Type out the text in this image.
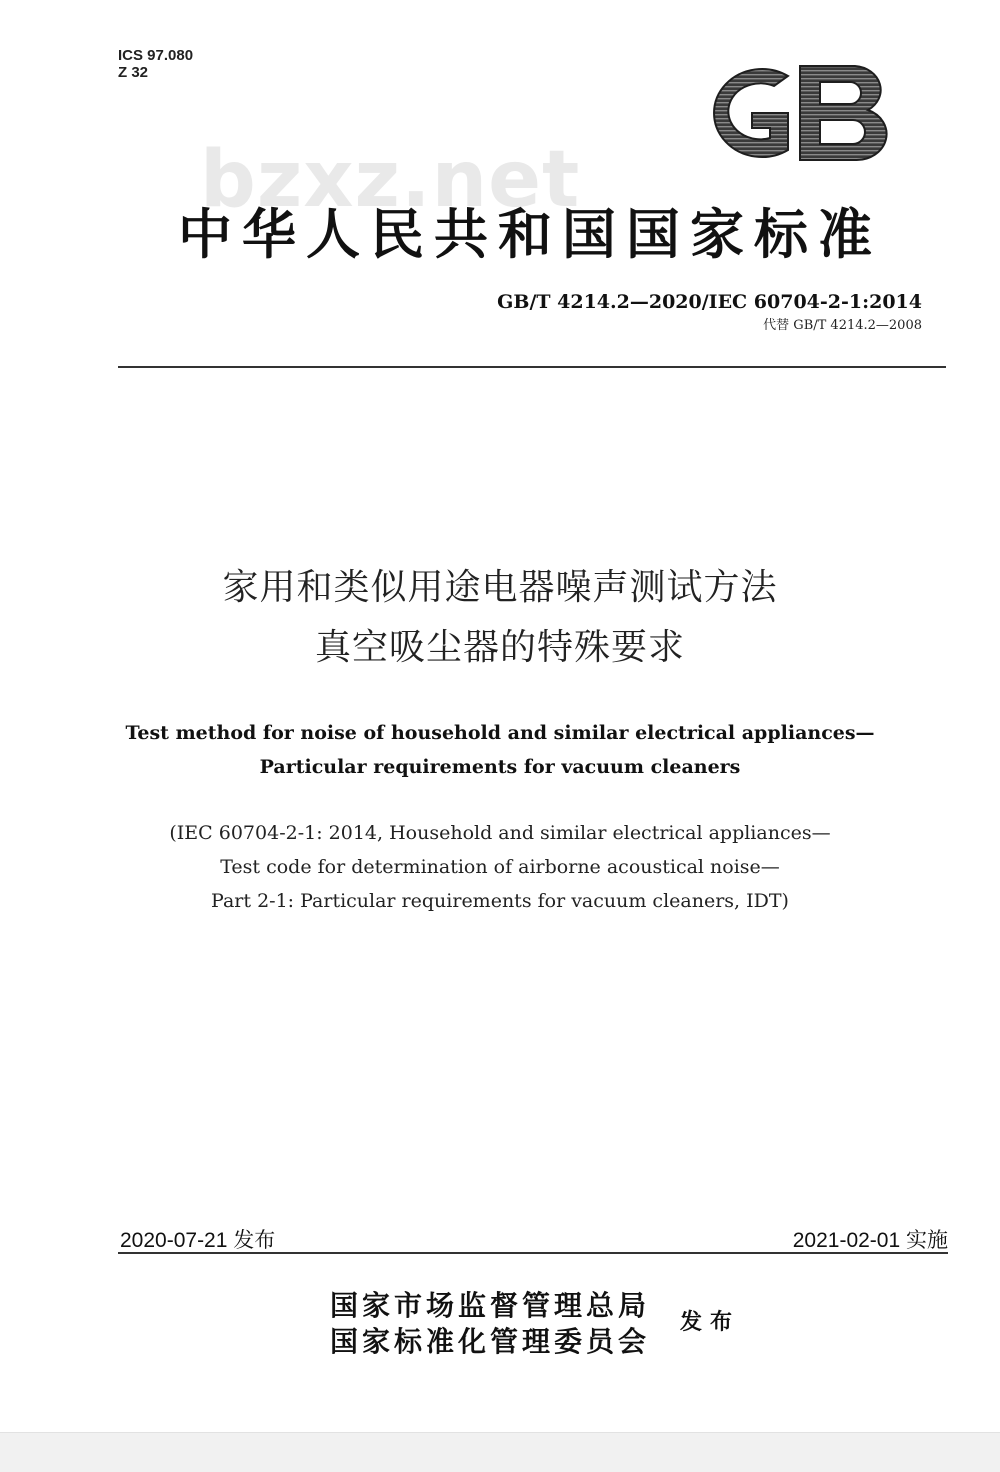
ICS 97.080
Z 32
GB
bzxz.net
中华人民共和国国家标准
GB/T 4214.2—2020/IEC 60704-2-1:2014
代替 GB/T 4214.2—2008
家用和类似用途电器噪声测试方法
真空吸尘器的特殊要求
Test method for noise of household and similar electrical appliances—
Particular requirements for vacuum cleaners
(IEC 60704-2-1: 2014, Household and similar electrical appliances—
Test code for determination of airborne acoustical noise—
Part 2-1: Particular requirements for vacuum cleaners, IDT)
2020-07-21 发布	2021-02-01 实施
国家市场监督管理总局
国家标准化管理委员会
发布
